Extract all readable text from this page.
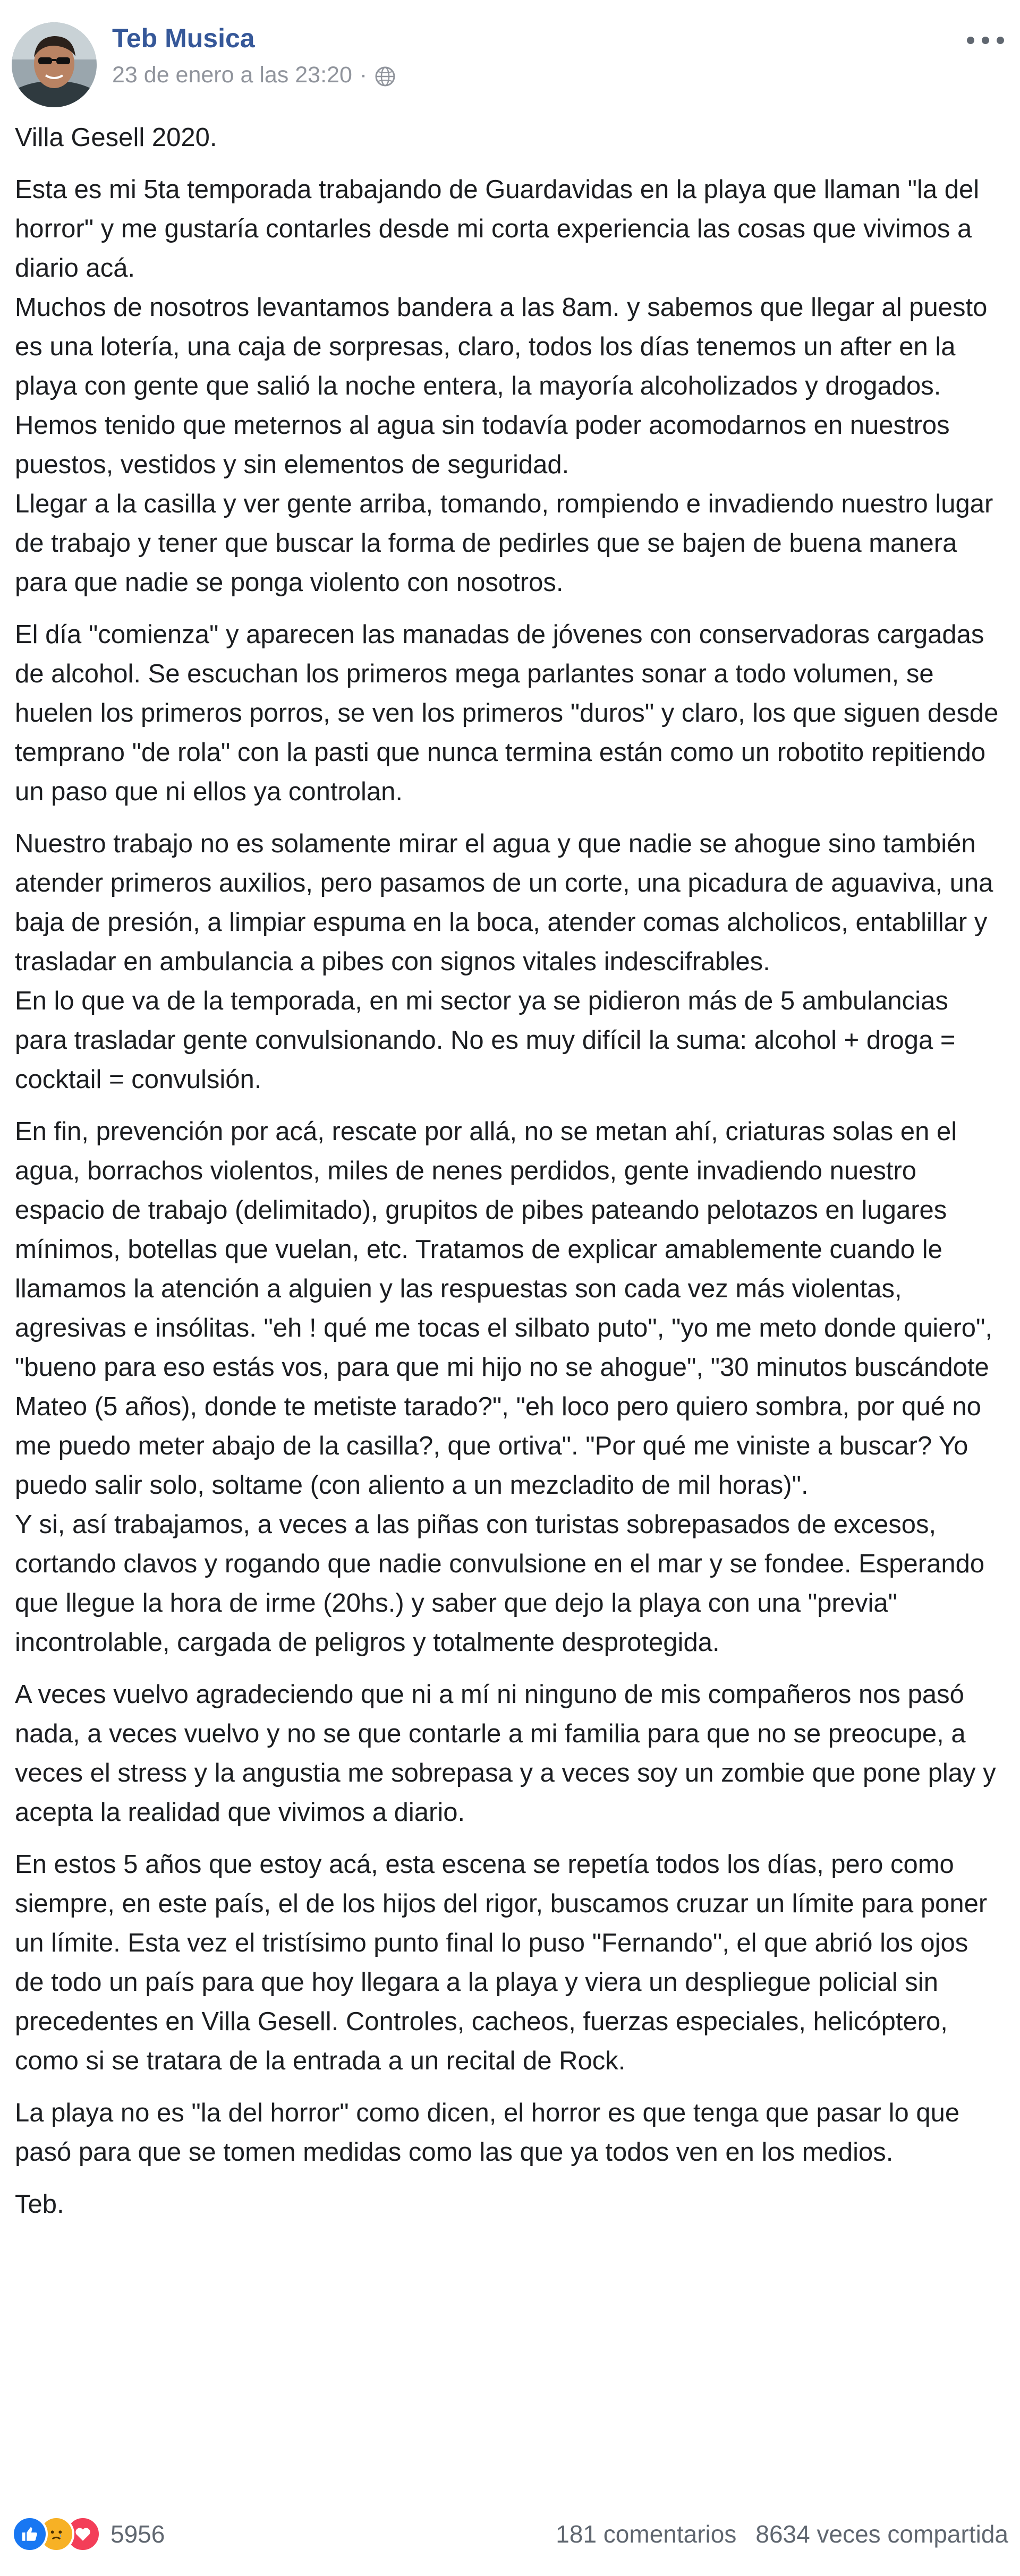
Teb Musica
23 de enero a las 23:20 ·

Villa Gesell 2020.

Esta es mi 5ta temporada trabajando de Guardavidas en la playa que llaman "la del horror" y me gustaría contarles desde mi corta experiencia las cosas que vivimos a diario acá.
Muchos de nosotros levantamos bandera a las 8am. y sabemos que llegar al puesto es una lotería, una caja de sorpresas, claro, todos los días tenemos un after en la playa con gente que salió la noche entera, la mayoría alcoholizados y drogados. Hemos tenido que meternos al agua sin todavía poder acomodarnos en nuestros puestos, vestidos y sin elementos de seguridad.
Llegar a la casilla y ver gente arriba, tomando, rompiendo e invadiendo nuestro lugar de trabajo y tener que buscar la forma de pedirles que se bajen de buena manera para que nadie se ponga violento con nosotros.

El día "comienza" y aparecen las manadas de jóvenes con conservadoras cargadas de alcohol. Se escuchan los primeros mega parlantes sonar a todo volumen, se huelen los primeros porros, se ven los primeros "duros" y claro, los que siguen desde temprano "de rola" con la pasti que nunca termina están como un robotito repitiendo un paso que ni ellos ya controlan.

Nuestro trabajo no es solamente mirar el agua y que nadie se ahogue sino también atender primeros auxilios, pero pasamos de un corte, una picadura de aguaviva, una baja de presión, a limpiar espuma en la boca, atender comas alcholicos, entablillar y trasladar en ambulancia a pibes con signos vitales indescifrables.
En lo que va de la temporada, en mi sector ya se pidieron más de 5 ambulancias para trasladar gente convulsionando. No es muy difícil la suma: alcohol + droga = cocktail = convulsión.

En fin, prevención por acá, rescate por allá, no se metan ahí, criaturas solas en el agua, borrachos violentos, miles de nenes perdidos, gente invadiendo nuestro espacio de trabajo (delimitado), grupitos de pibes pateando pelotazos en lugares mínimos, botellas que vuelan, etc. Tratamos de explicar amablemente cuando le llamamos la atención a alguien y las respuestas son cada vez más violentas, agresivas e insólitas. "eh ! qué me tocas el silbato puto", "yo me meto donde quiero", "bueno para eso estás vos, para que mi hijo no se ahogue", "30 minutos buscándote Mateo (5 años), donde te metiste tarado?", "eh loco pero quiero sombra, por qué no me puedo meter abajo de la casilla?, que ortiva". "Por qué me viniste a buscar? Yo puedo salir solo, soltame (con aliento a un mezcladito de mil horas)".
Y si, así trabajamos, a veces a las piñas con turistas sobrepasados de excesos, cortando clavos y rogando que nadie convulsione en el mar y se fondee. Esperando que llegue la hora de irme (20hs.) y saber que dejo la playa con una "previa" incontrolable, cargada de peligros y totalmente desprotegida.

A veces vuelvo agradeciendo que ni a mí ni ninguno de mis compañeros nos pasó nada, a veces vuelvo y no se que contarle a mi familia para que no se preocupe, a veces el stress y la angustia me sobrepasa y a veces soy un zombie que pone play y acepta la realidad que vivimos a diario.

En estos 5 años que estoy acá, esta escena se repetía todos los días, pero como siempre, en este país, el de los hijos del rigor, buscamos cruzar un límite para poner un límite. Esta vez el tristísimo punto final lo puso "Fernando", el que abrió los ojos de todo un país para que hoy llegara a la playa y viera un despliegue policial sin precedentes en Villa Gesell. Controles, cacheos, fuerzas especiales, helicóptero, como si se tratara de la entrada a un recital de Rock.

La playa no es "la del horror" como dicen, el horror es que tenga que pasar lo que pasó para que se tomen medidas como las que ya todos ven en los medios.

Teb.

5956	181 comentarios 8634 veces compartida
